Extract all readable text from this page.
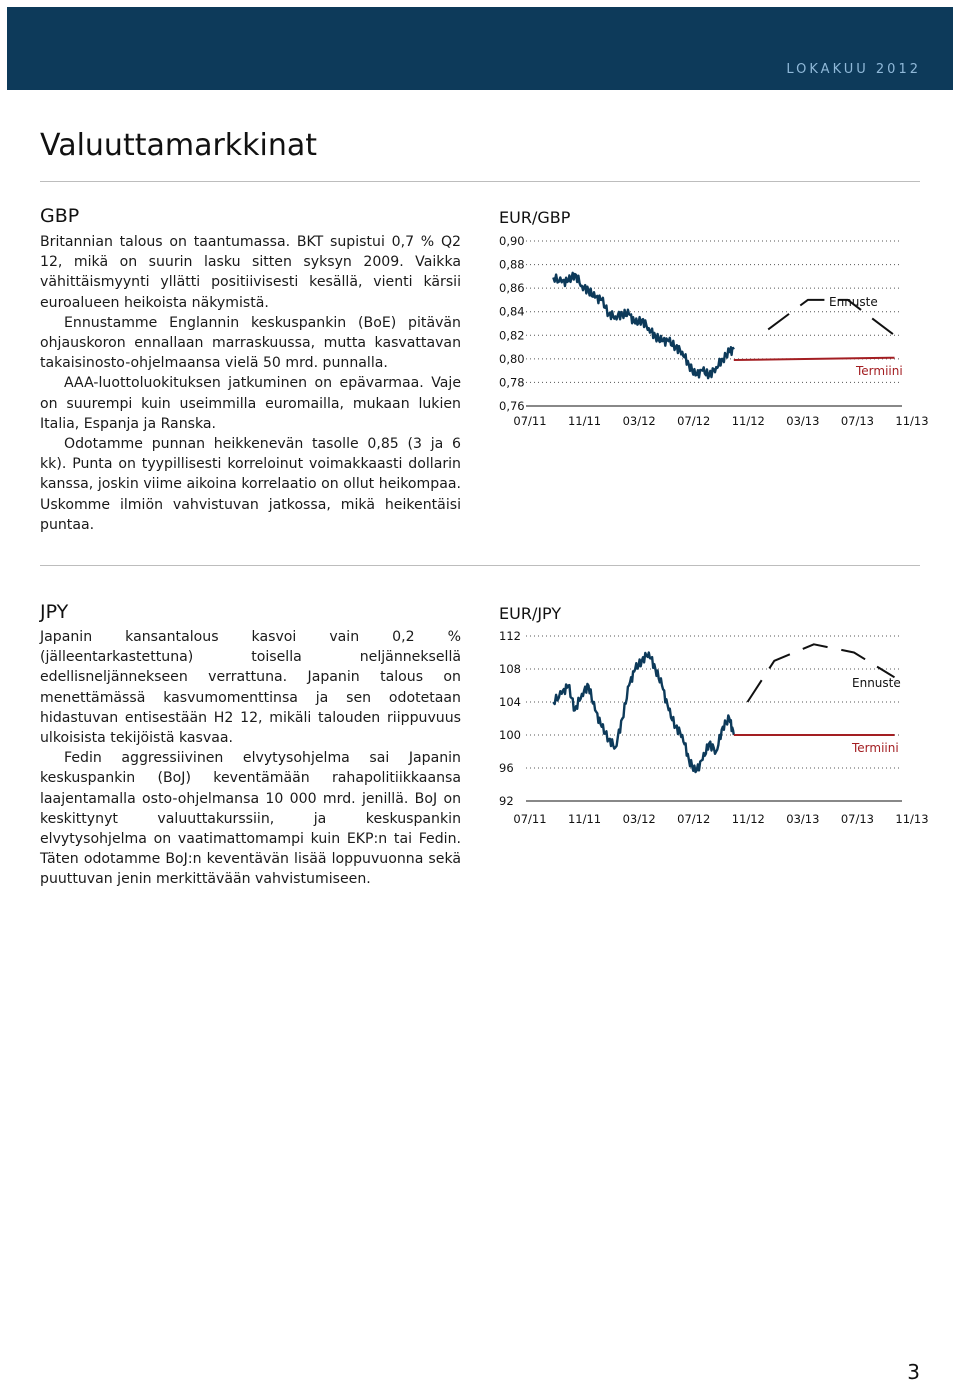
LOKAKUU 2012
Valuuttamarkkinat
GBP

Britannian talous on taantumassa. BKT supistui 0,7 % Q2 12, mikä on suurin lasku sitten syksyn 2009. Vaikka vähittäismyynti yllätti positiivisesti kesällä, vienti kärsii euroalueen heikoista näkymistä.

Ennustamme Englannin keskuspankin (BoE) pitävän ohjauskoron ennallaan marraskuussa, mutta kasvattavan takaisinosto-ohjelmaansa vielä 50 mrd. punnalla.

AAA-luottoluokituksen jatkuminen on epävarmaa. Vaje on suurempi kuin useimmilla euromailla, mukaan lukien Italia, Espanja ja Ranska.

Odotamme punnan heikkenevän tasolle 0,85 (3 ja 6 kk). Punta on tyypillisesti korreloinut voimakkaasti dollarin kanssa, joskin viime aikoina korrelaatio on ollut heikompaa. Uskomme ilmiön vahvistuvan jatkossa, mikä heikentäisi puntaa.

EUR/GBP
0,90
0,88
0,86
0,84
0,82
0,80
0,78
0,76
07/11 11/11 03/12 07/12 11/12 03/13 07/13 11/13
Ennuste
Termiini
JPY

Japanin kansantalous kasvoi vain 0,2 % (jälleentarkastettuna) toisella neljänneksellä edellisneljännekseen verrattuna. Japanin talous on menettämässä kasvumomenttinsa ja sen odotetaan hidastuvan entisestään H2 12, mikäli talouden riippuvuus ulkoisista tekijöistä kasvaa.

Fedin aggressiivinen elvytysohjelma sai Japanin keskuspankin (BoJ) keventämään rahapolitiikkaansa laajentamalla osto-ohjelmansa 10 000 mrd. jenillä. BoJ on keskittynyt valuuttakurssiin, ja keskuspankin elvytysohjelma on vaatimattomampi kuin EKP:n tai Fedin. Täten odotamme BoJ:n keventävän lisää loppuvuonna sekä puuttuvan jenin merkittävään vahvistumiseen.

EUR/JPY
112
108
104
100
96
92
07/11 11/11 03/12 07/12 11/12 03/13 07/13 11/13
Ennuste
Termiini
3
